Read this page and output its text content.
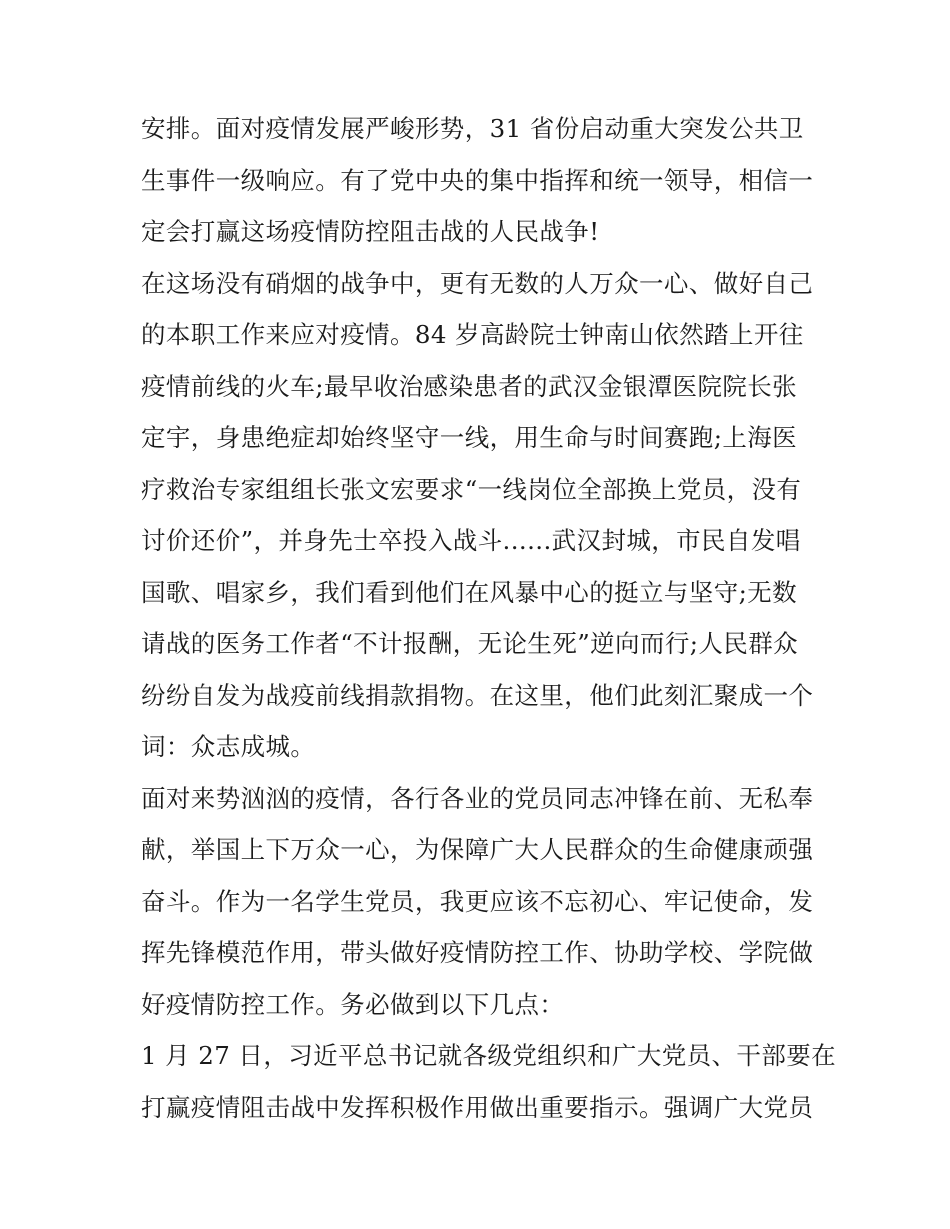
安排。面对疫情发展严峻形势，31 省份启动重大突发公共卫
生事件一级响应。有了党中央的集中指挥和统一领导，相信一
定会打赢这场疫情防控阻击战的人民战争!
在这场没有硝烟的战争中，更有无数的人万众一心、做好自己
的本职工作来应对疫情。84 岁高龄院士钟南山依然踏上开往
疫情前线的火车;最早收治感染患者的武汉金银潭医院院长张
定宇，身患绝症却始终坚守一线，用生命与时间赛跑;上海医
疗救治专家组组长张文宏要求“一线岗位全部换上党员，没有
讨价还价”，并身先士卒投入战斗......武汉封城，市民自发唱
国歌、唱家乡，我们看到他们在风暴中心的挺立与坚守;无数
请战的医务工作者“不计报酬，无论生死”逆向而行;人民群众
纷纷自发为战疫前线捐款捐物。在这里，他们此刻汇聚成一个
词：众志成城。
面对来势汹汹的疫情，各行各业的党员同志冲锋在前、无私奉
献，举国上下万众一心，为保障广大人民群众的生命健康顽强
奋斗。作为一名学生党员，我更应该不忘初心、牢记使命，发
挥先锋模范作用，带头做好疫情防控工作、协助学校、学院做
好疫情防控工作。务必做到以下几点：
1 月 27 日，习近平总书记就各级党组织和广大党员、干部要在
打赢疫情阻击战中发挥积极作用做出重要指示。强调广大党员
